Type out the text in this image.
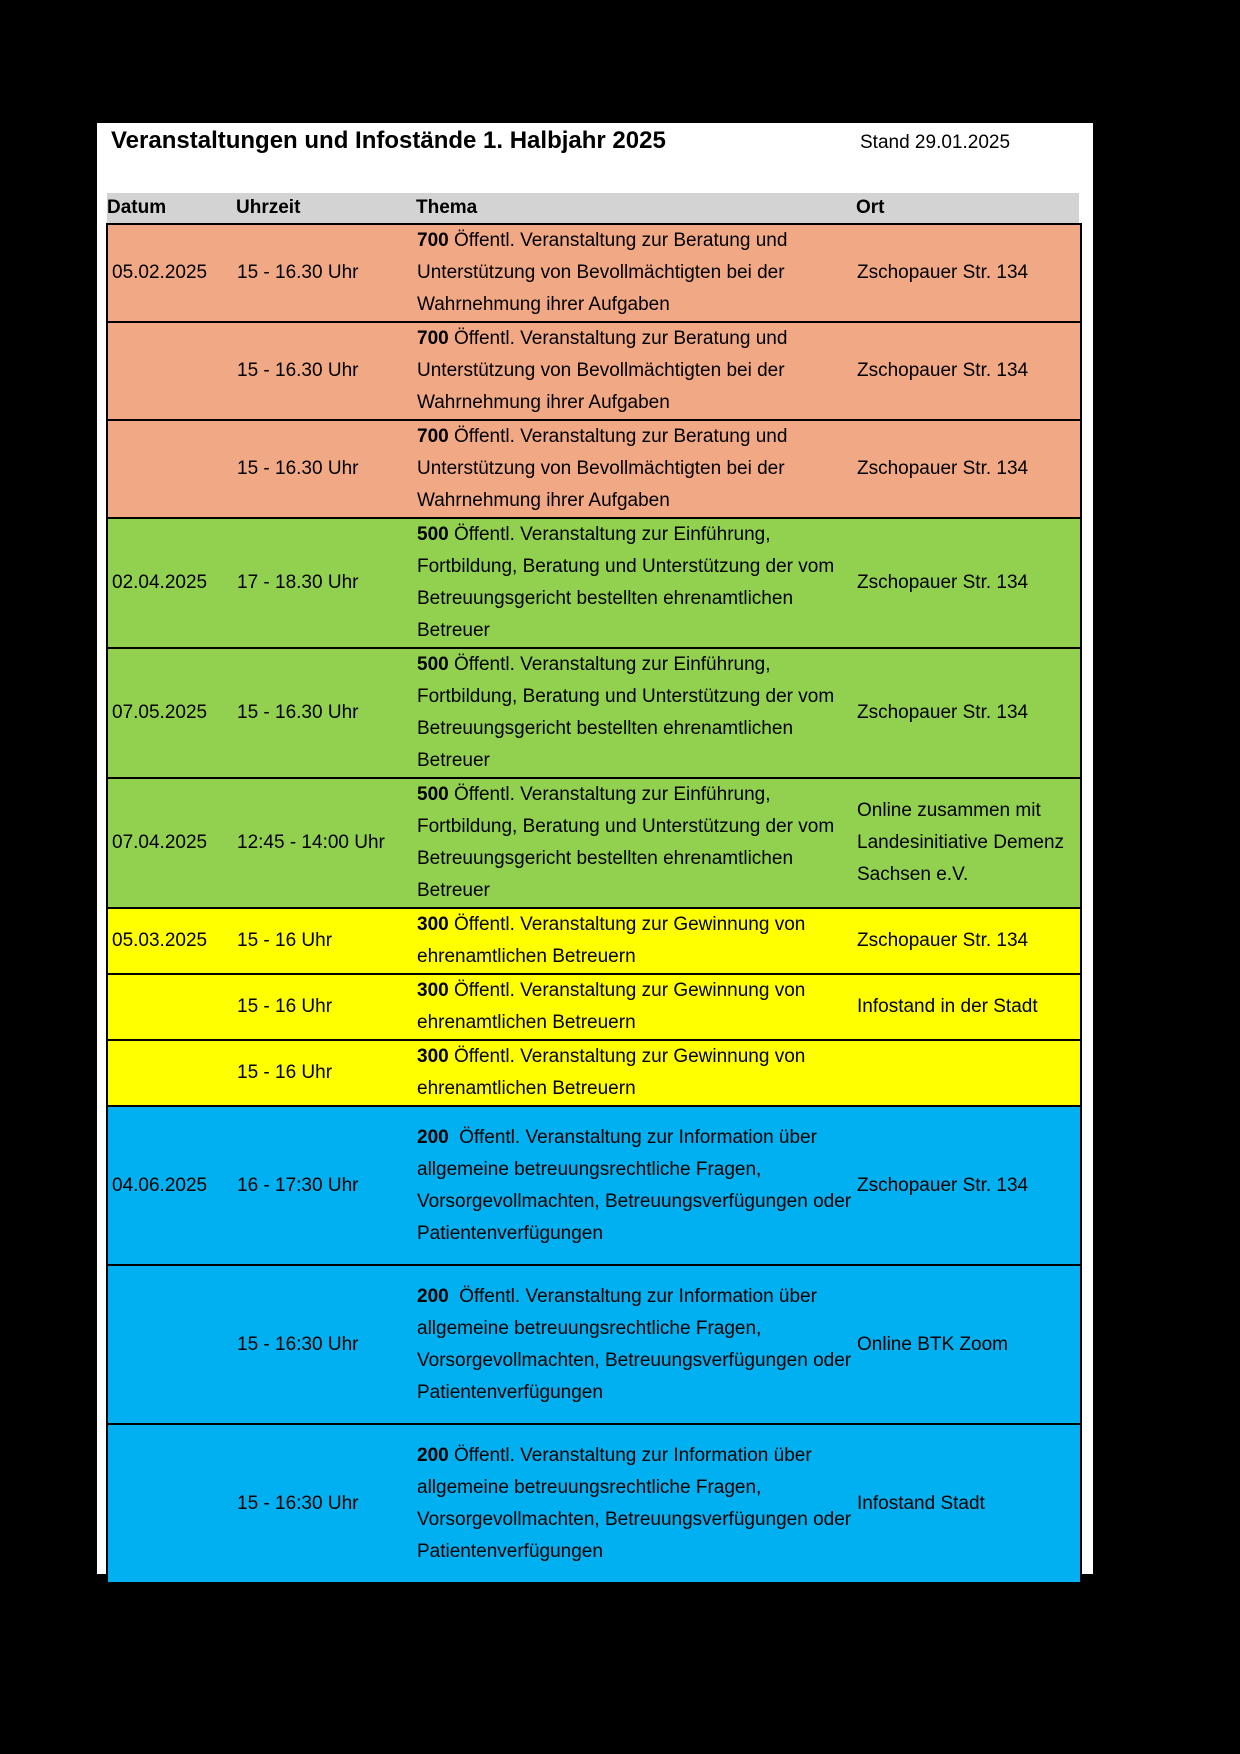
Veranstaltungen und Infostände 1. Halbjahr 2025	Stand 29.01.2025
Datum	Uhrzeit	Thema	Ort
05.02.2025	15 - 16.30 Uhr	700 Öffentl. Veranstaltung zur Beratung und Unterstützung von Bevollmächtigten bei der Wahrnehmung ihrer Aufgaben	Zschopauer Str. 134
	15 - 16.30 Uhr	700 Öffentl. Veranstaltung zur Beratung und Unterstützung von Bevollmächtigten bei der Wahrnehmung ihrer Aufgaben	Zschopauer Str. 134
	15 - 16.30 Uhr	700 Öffentl. Veranstaltung zur Beratung und Unterstützung von Bevollmächtigten bei der Wahrnehmung ihrer Aufgaben	Zschopauer Str. 134
02.04.2025	17 - 18.30 Uhr	500 Öffentl. Veranstaltung zur Einführung, Fortbildung, Beratung und Unterstützung der vom Betreuungsgericht bestellten ehrenamtlichen Betreuer	Zschopauer Str. 134
07.05.2025	15 - 16.30 Uhr	500 Öffentl. Veranstaltung zur Einführung, Fortbildung, Beratung und Unterstützung der vom Betreuungsgericht bestellten ehrenamtlichen Betreuer	Zschopauer Str. 134
07.04.2025	12:45 - 14:00 Uhr	500 Öffentl. Veranstaltung zur Einführung, Fortbildung, Beratung und Unterstützung der vom Betreuungsgericht bestellten ehrenamtlichen Betreuer	Online zusammen mit Landesinitiative Demenz Sachsen e.V.
05.03.2025	15 - 16 Uhr	300 Öffentl. Veranstaltung zur Gewinnung von ehrenamtlichen Betreuern	Zschopauer Str. 134
	15 - 16 Uhr	300 Öffentl. Veranstaltung zur Gewinnung von ehrenamtlichen Betreuern	Infostand in der Stadt
	15 - 16 Uhr	300 Öffentl. Veranstaltung zur Gewinnung von ehrenamtlichen Betreuern	
04.06.2025	16 - 17:30 Uhr	200  Öffentl. Veranstaltung zur Information über allgemeine betreuungsrechtliche Fragen, Vorsorgevollmachten, Betreuungsverfügungen oder Patientenverfügungen	Zschopauer Str. 134
	15 - 16:30 Uhr	200  Öffentl. Veranstaltung zur Information über allgemeine betreuungsrechtliche Fragen, Vorsorgevollmachten, Betreuungsverfügungen oder Patientenverfügungen	Online BTK Zoom
	15 - 16:30 Uhr	200 Öffentl. Veranstaltung zur Information über allgemeine betreuungsrechtliche Fragen, Vorsorgevollmachten, Betreuungsverfügungen oder Patientenverfügungen	Infostand Stadt
